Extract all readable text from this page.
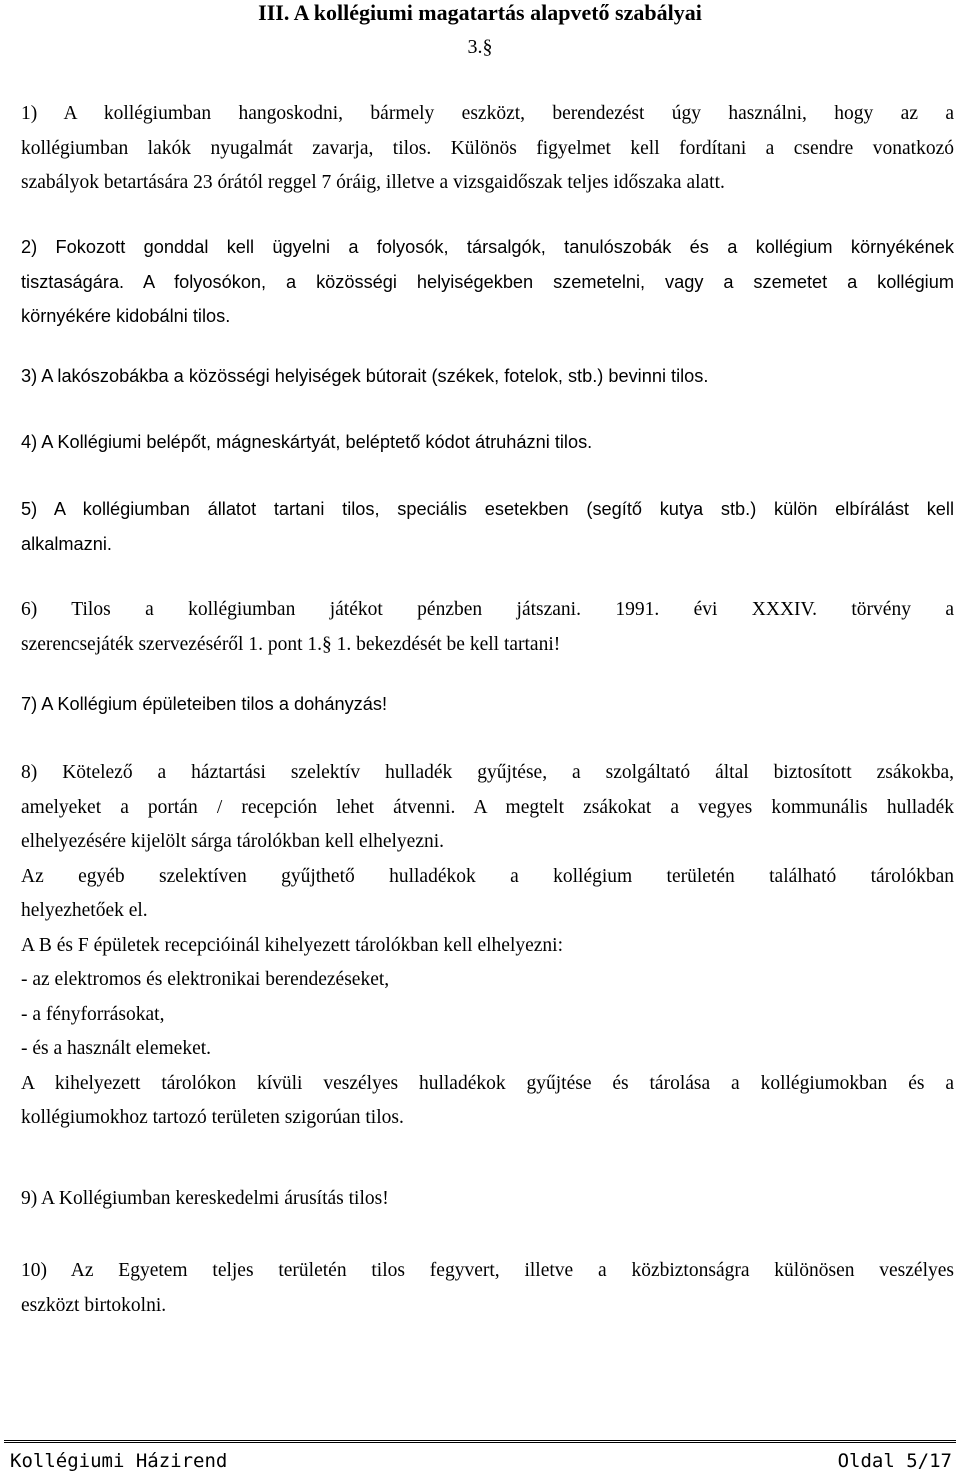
III. A kollégiumi magatartás alapvető szabályai
3.§
1) A kollégiumban hangoskodni, bármely eszközt, berendezést úgy használni, hogy az a
kollégiumban lakók nyugalmát zavarja, tilos. Különös figyelmet kell fordítani a csendre vonatkozó
szabályok betartására 23 órától reggel 7 óráig, illetve a vizsgaidőszak teljes időszaka alatt.
2) Fokozott gonddal kell ügyelni a folyosók, társalgók, tanulószobák és a kollégium környékének
tisztaságára. A folyosókon, a közösségi helyiségekben szemetelni, vagy a szemetet a kollégium
környékére kidobálni tilos.
3) A lakószobákba a közösségi helyiségek bútorait (székek, fotelok, stb.) bevinni tilos.
4) A Kollégiumi belépőt, mágneskártyát, beléptető kódot átruházni tilos.
5) A kollégiumban állatot tartani tilos, speciális esetekben (segítő kutya stb.) külön elbírálást kell
alkalmazni.
6) Tilos a kollégiumban játékot pénzben játszani. 1991. évi XXXIV. törvény a
szerencsejáték szervezéséről 1. pont 1.§ 1. bekezdését be kell tartani!
7) A Kollégium épületeiben tilos a dohányzás!
8) Kötelező a háztartási szelektív hulladék gyűjtése, a szolgáltató által biztosított zsákokba,
amelyeket a portán / recepción lehet átvenni. A megtelt zsákokat a vegyes kommunális hulladék
elhelyezésére kijelölt sárga tárolókban kell elhelyezni.
Az egyéb szelektíven gyűjthető hulladékok a kollégium területén található tárolókban
helyezhetőek el.
A B és F épületek recepcióinál kihelyezett tárolókban kell elhelyezni:
- az elektromos és elektronikai berendezéseket,
- a fényforrásokat,
- és a használt elemeket.
A kihelyezett tárolókon kívüli veszélyes hulladékok gyűjtése és tárolása a kollégiumokban és a
kollégiumokhoz tartozó területen szigorúan tilos.
9) A Kollégiumban kereskedelmi árusítás tilos!
10) Az Egyetem teljes területén tilos fegyvert, illetve a közbiztonságra különösen veszélyes
eszközt birtokolni.
Kollégiumi Házirend	Oldal 5/17
